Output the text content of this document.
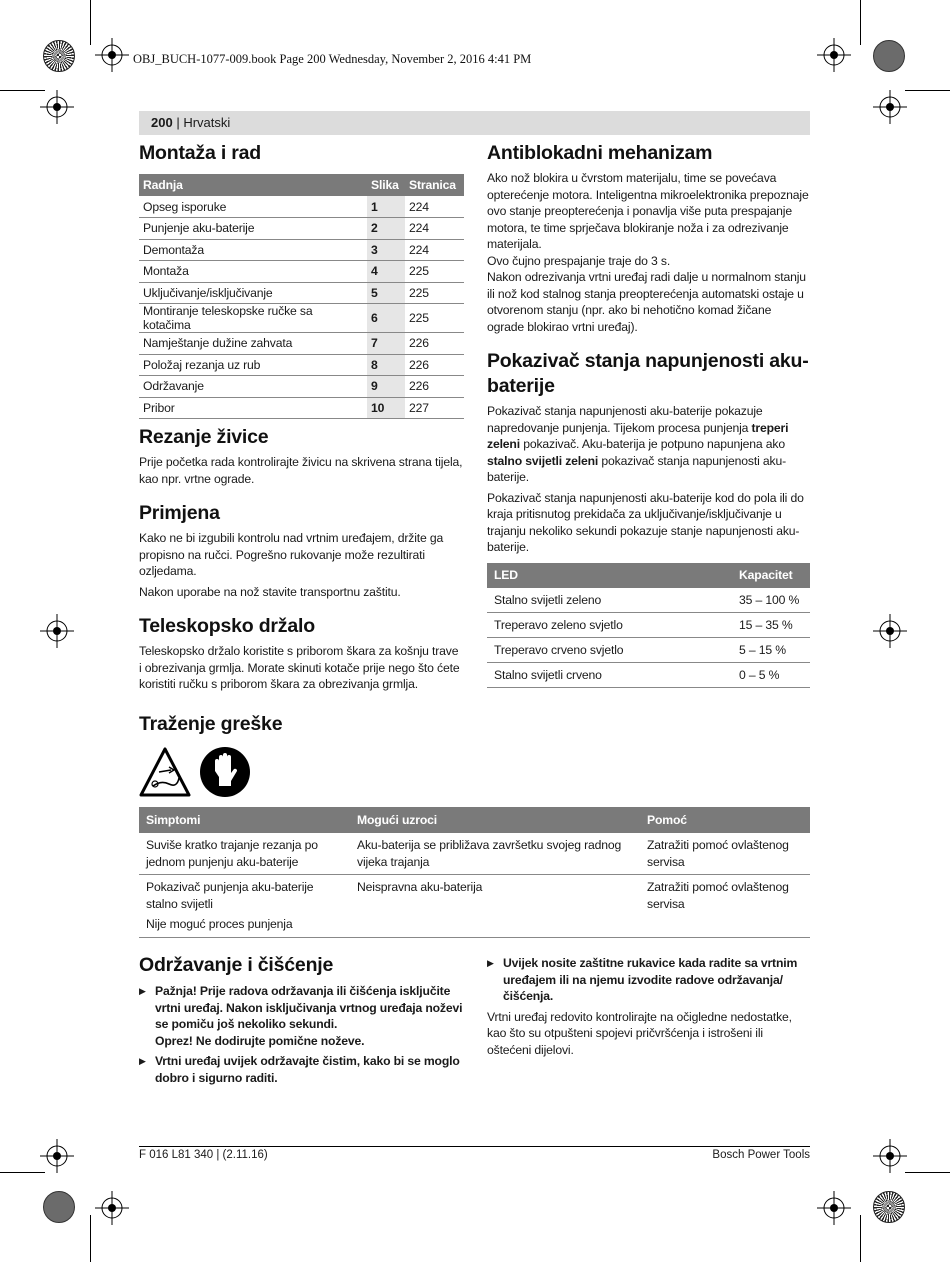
OBJ_BUCH-1077-009.book Page 200 Wednesday, November 2, 2016 4:41 PM
200 | Hrvatski
Montaža i rad
Radnja	Slika	Stranica
Opseg isporuke	1	224
Punjenje aku-baterije	2	224
Demontaža	3	224
Montaža	4	225
Uključivanje/isključivanje	5	225
Montiranje teleskopske ručke sa kotačima	6	225
Namještanje dužine zahvata	7	226
Položaj rezanja uz rub	8	226
Održavanje	9	226
Pribor	10	227
Rezanje živice

Prije početka rada kontrolirajte živicu na skrivena strana tijela, kao npr. vrtne ograde.

Primjena

Kako ne bi izgubili kontrolu nad vrtnim uređajem, držite ga propisno na ručci. Pogrešno rukovanje može rezultirati ozljedama.

Nakon uporabe na nož stavite transportnu zaštitu.

Teleskopsko držalo

Teleskopsko držalo koristite s priborom škara za košnju trave i obrezivanja grmlja. Morate skinuti kotače prije nego što ćete koristiti ručku s priborom škara za obrezivanja grmlja.

Antiblokadni mehanizam

Ako nož blokira u čvrstom materijalu, time se povećava opterećenje motora. Inteligentna mikroelektronika prepoznaje ovo stanje preopterećenja i ponavlja više puta prespajanje motora, te time sprječava blokiranje noža i za odrezivanje materijala.

Ovo čujno prespajanje traje do 3 s.

Nakon odrezivanja vrtni uređaj radi dalje u normalnom stanju ili nož kod stalnog stanja preopterećenja automatski ostaje u otvorenom stanju (npr. ako bi nehotično komad žičane ograde blokirao vrtni uređaj).

Pokazivač stanja napunjenosti aku-baterije

Pokazivač stanja napunjenosti aku-baterije pokazuje napredovanje punjenja. Tijekom procesa punjenja treperi zeleni pokazivač. Aku-baterija je potpuno napunjena ako stalno svijetli zeleni pokazivač stanja napunjenosti aku-baterije.

Pokazivač stanja napunjenosti aku-baterije kod do pola ili do kraja pritisnutog prekidača za uključivanje/isključivanje u trajanju nekoliko sekundi pokazuje stanje napunjenosti aku-baterije.

LED	Kapacitet
Stalno svijetli zeleno	35 – 100 %
Treperavo zeleno svjetlo	15 – 35 %
Treperavo crveno svjetlo	5 – 15 %
Stalno svijetli crveno	0 – 5 %
Traženje greške
Simptomi	Mogući uzroci	Pomoć
Suviše kratko trajanje rezanja po jednom punjenju aku-baterije	Aku-baterija se približava završetku svojeg radnog vijeka trajanja	Zatražiti pomoć ovlaštenog servisa
Pokazivač punjenja aku-baterije stalno svijetli	Neispravna aku-baterija	Zatražiti pomoć ovlaštenog servisa
Nije moguć proces punjenja		
Održavanje i čišćenje
▶ Pažnja! Prije radova održavanja ili čišćenja isključite vrtni uređaj. Nakon isključivanja vrtnog uređaja noževi se pomiču još nekoliko sekundi.
Oprez! Ne dodirujte pomične noževe.
▶ Vrtni uređaj uvijek održavajte čistim, kako bi se moglo dobro i sigurno raditi.
▶ Uvijek nosite zaštitne rukavice kada radite sa vrtnim uređajem ili na njemu izvodite radove održavanja/čišćenja.

Vrtni uređaj redovito kontrolirajte na očigledne nedostatke, kao što su otpušteni spojevi pričvršćenja i istrošeni ili oštećeni dijelovi.

F 016 L81 340 | (2.11.16)	Bosch Power Tools
